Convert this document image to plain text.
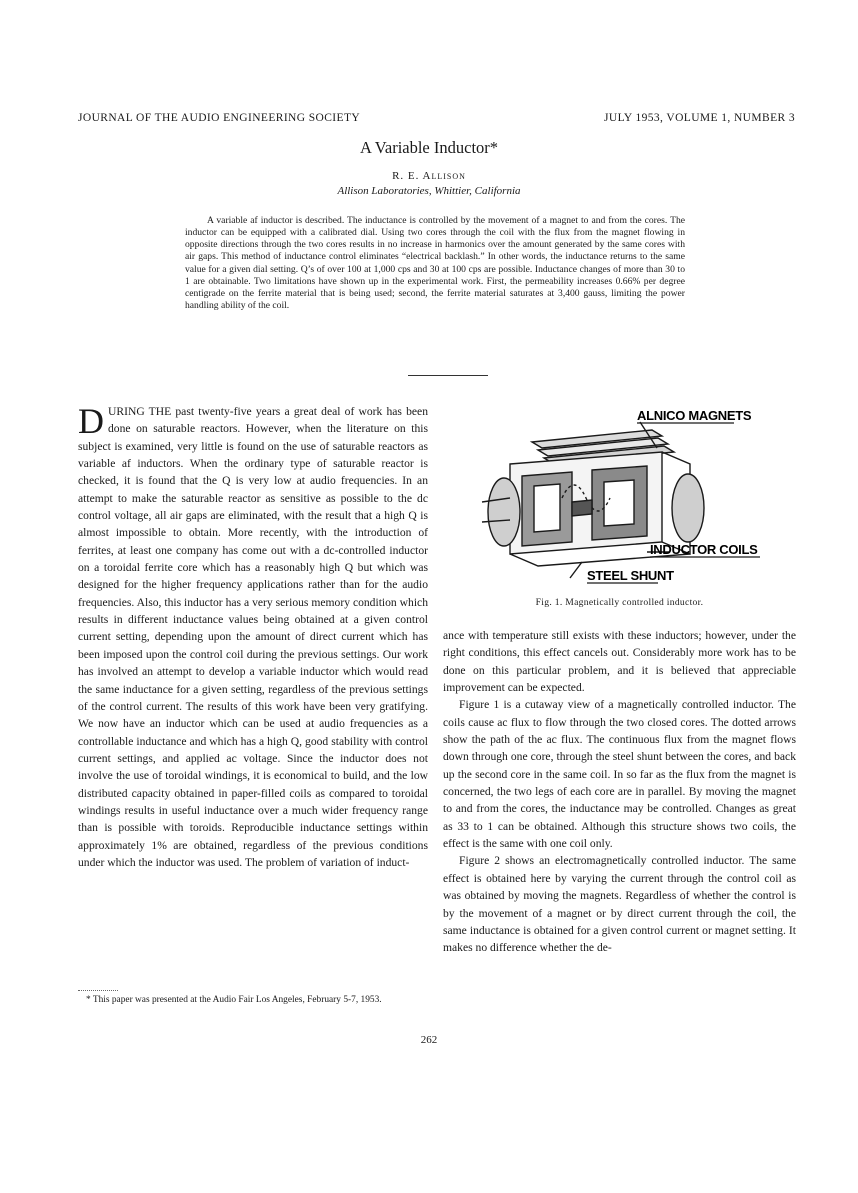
JOURNAL OF THE AUDIO ENGINEERING SOCIETY	JULY 1953, VOLUME 1, NUMBER 3
A Variable Inductor*
R. E. Allison
Allison Laboratories, Whittier, California
A variable af inductor is described. The inductance is controlled by the movement of a magnet to and from the cores. The inductor can be equipped with a calibrated dial. Using two cores through the coil with the flux from the magnet flowing in opposite directions through the two cores results in no increase in harmonics over the amount generated by the same cores with air gaps. This method of inductance control eliminates “electrical backlash.” In other words, the inductance returns to the same value for a given dial setting. Q’s of over 100 at 1,000 cps and 30 at 100 cps are possible. Inductance changes of more than 30 to 1 are obtainable. Two limitations have shown up in the experimental work. First, the permeability increases 0.66% per degree centigrade on the ferrite material that is being used; second, the ferrite material saturates at 3,400 gauss, limiting the power handling ability of the coil.

D URING THE past twenty-five years a great deal of work has been done on saturable reactors. However, when the literature on this subject is examined, very little is found on the use of saturable reactors as variable af inductors. When the ordinary type of saturable reactor is checked, it is found that the Q is very low at audio frequencies. In an attempt to make the saturable reactor as sensitive as possible to the dc control voltage, all air gaps are eliminated, with the result that a high Q is almost impossible to obtain. More recently, with the introduction of ferrites, at least one company has come out with a dc-controlled inductor on a toroidal ferrite core which has a reasonably high Q but which was designed for the higher frequency applications rather than for the audio frequencies. Also, this inductor has a very serious memory condition which results in different inductance values being obtained at a given control current setting, depending upon the amount of direct current which has been imposed upon the control coil during the previous settings. Our work has involved an attempt to develop a variable inductor which would read the same inductance for a given setting, regardless of the previous settings of the control current. The results of this work have been very gratifying. We now have an inductor which can be used at audio frequencies as a controllable inductance and which has a high Q, good stability with control current settings, and applied ac voltage. Since the inductor does not involve the use of toroidal windings, it is economical to build, and the low distributed capacity obtained in paper-filled coils as compared to toroidal windings results in useful inductance over a much wider frequency range than is possible with toroids. Reproducible inductance settings within approximately 1% are obtained, regardless of the previous conditions under which the inductor was used. The problem of variation of induct-

* This paper was presented at the Audio Fair Los Angeles, February 5-7, 1953.
ALNICO MAGNETS
INDUCTOR COILS
STEEL SHUNT
Fig. 1. Magnetically controlled inductor.

ance with temperature still exists with these inductors; however, under the right conditions, this effect cancels out. Considerably more work has to be done on this particular problem, and it is believed that appreciable improvement can be expected.

Figure 1 is a cutaway view of a magnetically controlled inductor. The coils cause ac flux to flow through the two closed cores. The dotted arrows show the path of the ac flux. The continuous flux from the magnet flows down through one core, through the steel shunt between the cores, and back up the second core in the same coil. In so far as the flux from the magnet is concerned, the two legs of each core are in parallel. By moving the magnet to and from the cores, the inductance may be controlled. Changes as great as 33 to 1 can be obtained. Although this structure shows two coils, the effect is the same with one coil only.

Figure 2 shows an electromagnetically controlled inductor. The same effect is obtained here by varying the current through the control coil as was obtained by moving the magnets. Regardless of whether the control is by the movement of a magnet or by direct current through the coil, the same inductance is obtained for a given control current or magnet setting. It makes no difference whether the de-

262
